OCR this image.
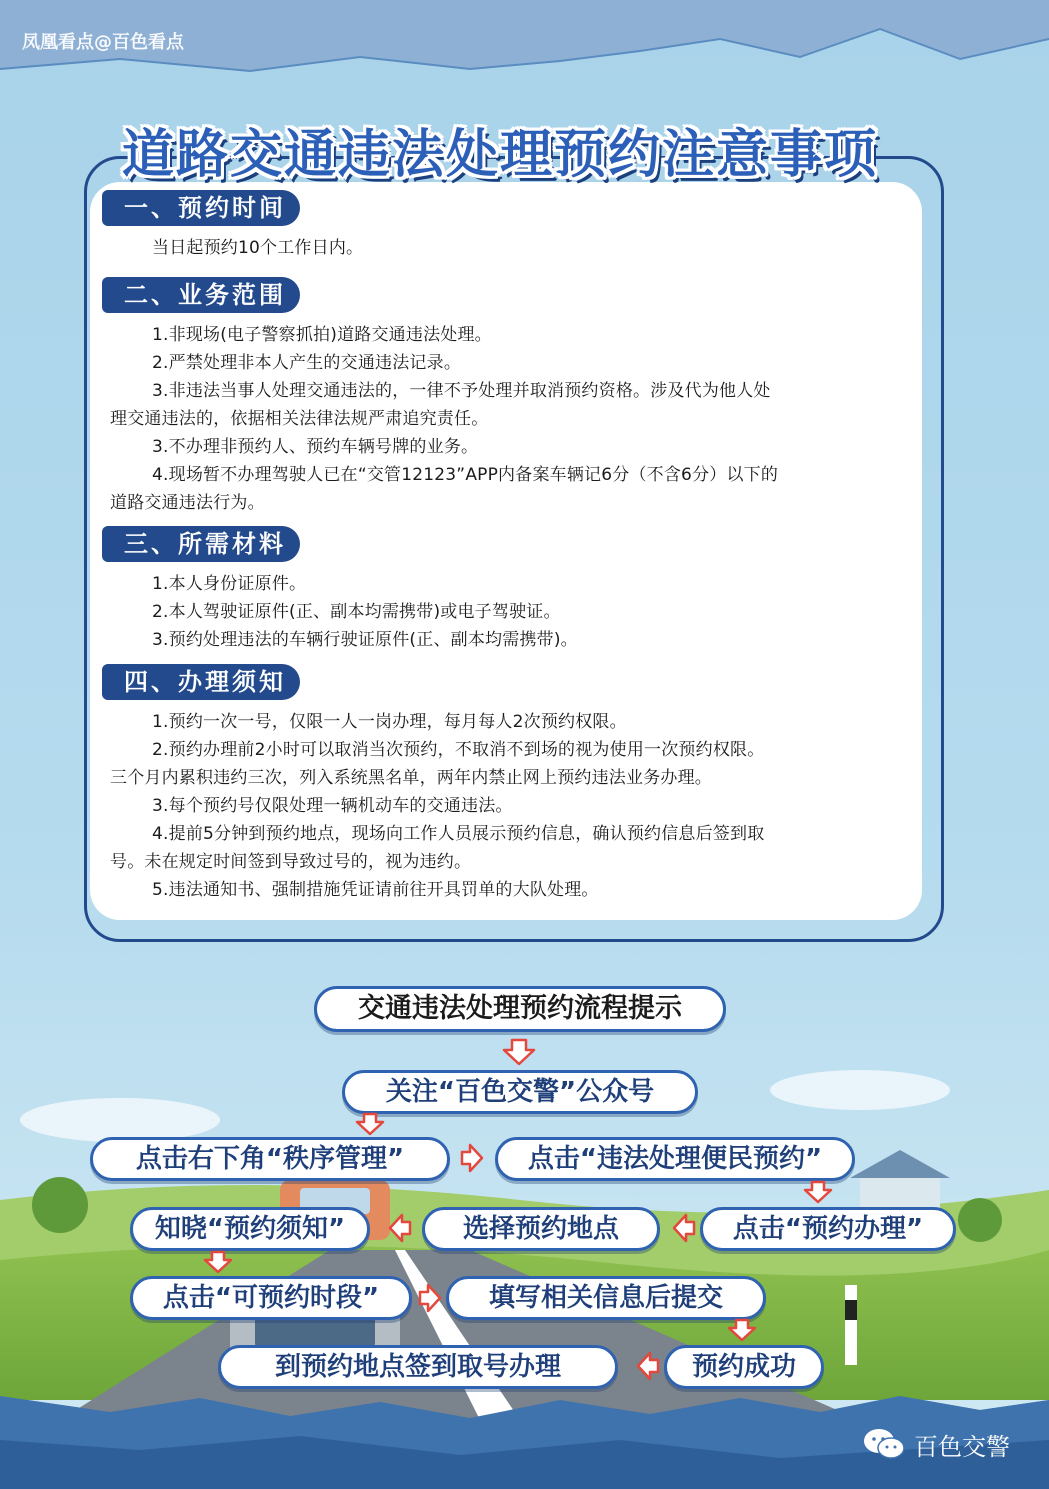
凤凰看点@百色看点
道路交通违法处理预约注意事项
一、预约时间
当日起预约10个工作日内。
二、业务范围
1.非现场(电子警察抓拍)道路交通违法处理。
2.严禁处理非本人产生的交通违法记录。
3.非违法当事人处理交通违法的，一律不予处理并取消预约资格。涉及代为他人处
理交通违法的，依据相关法律法规严肃追究责任。
3.不办理非预约人、预约车辆号牌的业务。
4.现场暂不办理驾驶人已在“交管12123”APP内备案车辆记6分（不含6分）以下的
道路交通违法行为。
三、所需材料
1.本人身份证原件。
2.本人驾驶证原件(正、副本均需携带)或电子驾驶证。
3.预约处理违法的车辆行驶证原件(正、副本均需携带)。
四、办理须知
1.预约一次一号，仅限一人一岗办理，每月每人2次预约权限。
2.预约办理前2小时可以取消当次预约，不取消不到场的视为使用一次预约权限。
三个月内累积违约三次，列入系统黑名单，两年内禁止网上预约违法业务办理。
3.每个预约号仅限处理一辆机动车的交通违法。
4.提前5分钟到预约地点，现场向工作人员展示预约信息，确认预约信息后签到取
号。未在规定时间签到导致过号的，视为违约。
5.违法通知书、强制措施凭证请前往开具罚单的大队处理。
交通违法处理预约流程提示
关注“百色交警”公众号
点击右下角“秩序管理”	点击“违法处理便民预约”
点击“预约办理”
选择预约地点
知晓“预约须知”
点击“可预约时段”	填写相关信息后提交
预约成功
到预约地点签到取号办理
百色交警
